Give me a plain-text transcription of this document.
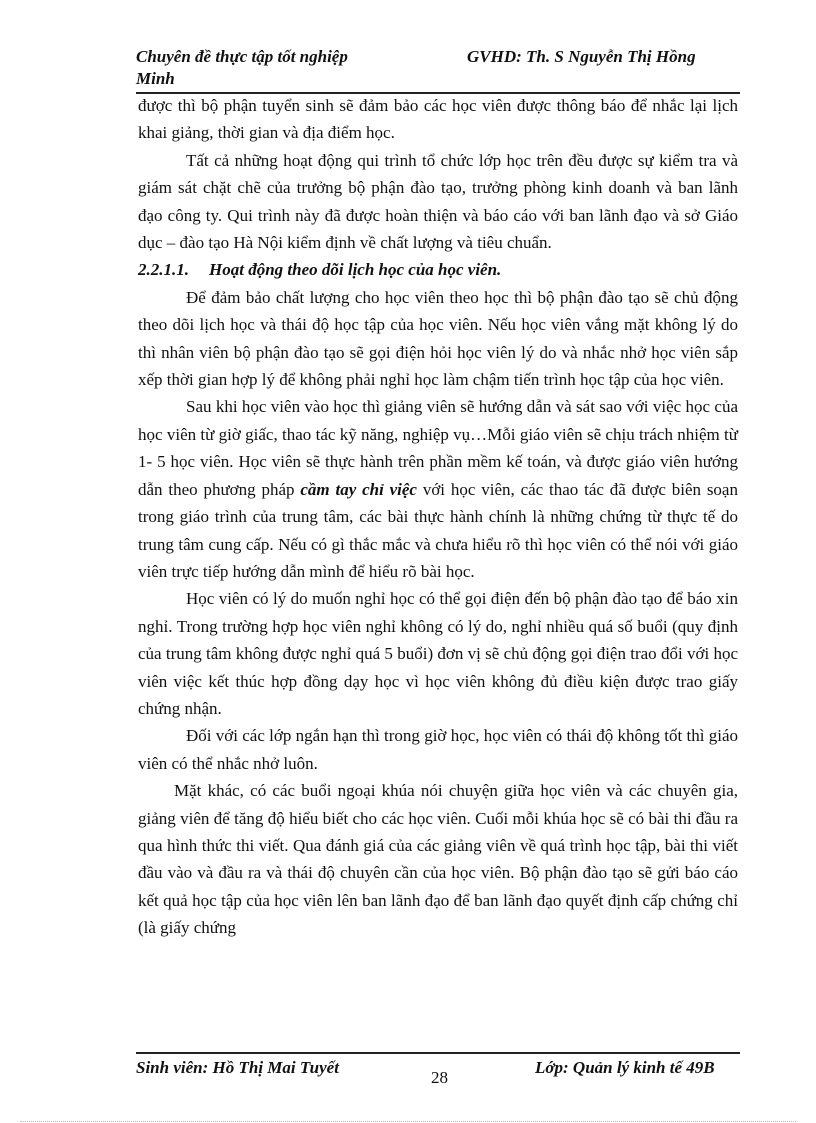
Chuyên đề thực tập tốt nghiệp
Minh
GVHD: Th. S Nguyễn Thị Hồng

được thì bộ phận tuyển sinh sẽ đảm bảo các học viên được thông báo để nhắc lại lịch khai giảng, thời gian và địa điểm học.

Tất cả những hoạt động qui trình tổ chức lớp học trên đều được sự kiểm tra và giám sát chặt chẽ của trưởng bộ phận đào tạo, trưởng phòng kinh doanh và ban lãnh đạo công ty. Qui trình này đã được hoàn thiện và báo cáo với ban lãnh đạo và sở Giáo dục – đào tạo Hà Nội kiểm định về chất lượng và tiêu chuẩn.

2.2.1.1. Hoạt động theo dõi lịch học của học viên.

Để đảm bảo chất lượng cho học viên theo học thì bộ phận đào tạo sẽ chủ động theo dõi lịch học và thái độ học tập của học viên. Nếu học viên vắng mặt không lý do thì nhân viên bộ phận đào tạo sẽ gọi điện hỏi học viên lý do và nhắc nhở học viên sắp xếp thời gian hợp lý để không phải nghỉ học làm chậm tiến trình học tập của học viên.

Sau khi học viên vào học thì giảng viên sẽ hướng dẫn và sát sao với việc học của học viên từ giờ giấc, thao tác kỹ năng, nghiệp vụ…Mỗi giáo viên sẽ chịu trách nhiệm từ 1- 5 học viên. Học viên sẽ thực hành trên phần mềm kế toán, và được giáo viên hướng dẫn theo phương pháp cầm tay chỉ việc với học viên, các thao tác đã được biên soạn trong giáo trình của trung tâm, các bài thực hành chính là những chứng từ thực tế do trung tâm cung cấp. Nếu có gì thắc mắc và chưa hiểu rõ thì học viên có thể nói với giáo viên trực tiếp hướng dẫn mình để hiểu rõ bài học.

Học viên có lý do muốn nghỉ học có thể gọi điện đến bộ phận đào tạo để báo xin nghỉ. Trong trường hợp học viên nghỉ không có lý do, nghỉ nhiều quá số buổi (quy định của trung tâm không được nghỉ quá 5 buổi) đơn vị sẽ chủ động gọi điện trao đổi với học viên việc kết thúc hợp đồng dạy học vì học viên không đủ điều kiện được trao giấy chứng nhận.

Đối với các lớp ngắn hạn thì trong giờ học, học viên có thái độ không tốt thì giáo viên có thể nhắc nhở luôn.

Mặt khác, có các buổi ngoại khúa nói chuyện giữa học viên và các chuyên gia, giảng viên để tăng độ hiểu biết cho các học viên. Cuối mỗi khúa học sẽ có bài thi đầu ra qua hình thức thi viết. Qua đánh giá của các giảng viên về quá trình học tập, bài thi viết đầu vào và đầu ra và thái độ chuyên cần của học viên. Bộ phận đào tạo sẽ gửi báo cáo kết quả học tập của học viên lên ban lãnh đạo để ban lãnh đạo quyết định cấp chứng chỉ (là giấy chứng

Sinh viên: Hồ Thị Mai Tuyết
28
Lớp: Quản lý kinh tế 49B
